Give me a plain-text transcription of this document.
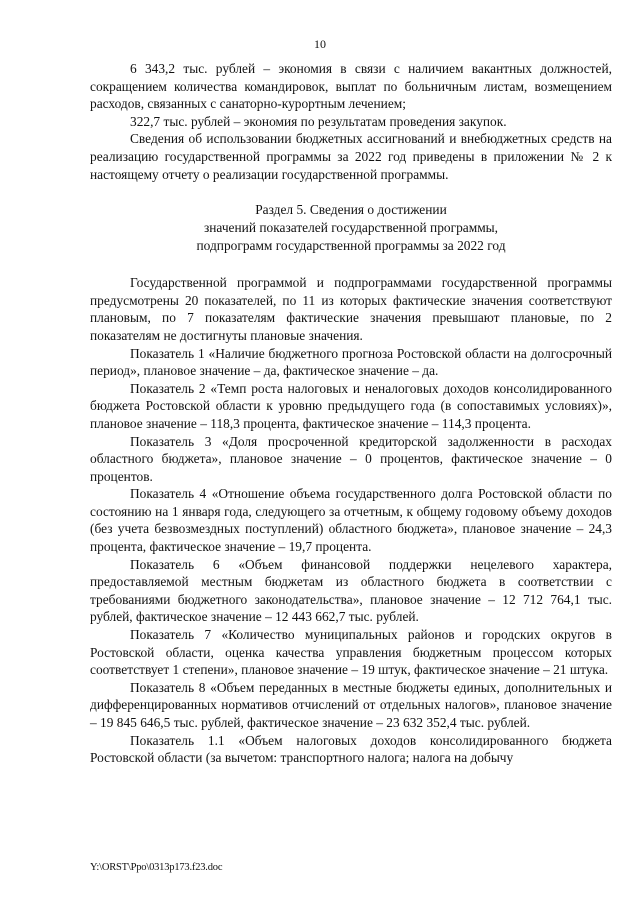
10

6 343,2 тыс. рублей – экономия в связи с наличием вакантных должностей, сокращением количества командировок, выплат по больничным листам, возмещением расходов, связанных с санаторно-курортным лечением;

322,7 тыс. рублей – экономия по результатам проведения закупок.

Сведения об использовании бюджетных ассигнований и внебюджетных средств на реализацию государственной программы за 2022 год приведены в приложении № 2 к настоящему отчету о реализации государственной программы.

Раздел 5. Сведения о достижении
значений показателей государственной программы,
подпрограмм государственной программы за 2022 год

Государственной программой и подпрограммами государственной программы предусмотрены 20 показателей, по 11 из которых фактические значения соответствуют плановым, по 7 показателям фактические значения превышают плановые, по 2 показателям не достигнуты плановые значения.

Показатель 1 «Наличие бюджетного прогноза Ростовской области на долгосрочный период», плановое значение – да, фактическое значение – да.

Показатель 2 «Темп роста налоговых и неналоговых доходов консолидированного бюджета Ростовской области к уровню предыдущего года (в сопоставимых условиях)», плановое значение – 118,3 процента, фактическое значение – 114,3 процента.

Показатель 3 «Доля просроченной кредиторской задолженности в расходах областного бюджета», плановое значение – 0 процентов, фактическое значение – 0 процентов.

Показатель 4 «Отношение объема государственного долга Ростовской области по состоянию на 1 января года, следующего за отчетным, к общему годовому объему доходов (без учета безвозмездных поступлений) областного бюджета», плановое значение – 24,3 процента, фактическое значение – 19,7 процента.

Показатель 6 «Объем финансовой поддержки нецелевого характера, предоставляемой местным бюджетам из областного бюджета в соответствии с требованиями бюджетного законодательства», плановое значение – 12 712 764,1 тыс. рублей, фактическое значение – 12 443 662,7 тыс. рублей.

Показатель 7 «Количество муниципальных районов и городских округов в Ростовской области, оценка качества управления бюджетным процессом которых соответствует 1 степени», плановое значение – 19 штук, фактическое значение – 21 штука.

Показатель 8 «Объем переданных в местные бюджеты единых, дополнительных и дифференцированных нормативов отчислений от отдельных налогов», плановое значение – 19 845 646,5 тыс. рублей, фактическое значение – 23 632 352,4 тыс. рублей.

Показатель 1.1 «Объем налоговых доходов консолидированного бюджета Ростовской области (за вычетом: транспортного налога; налога на добычу

Y:\ORST\Ppo\0313p173.f23.doc
